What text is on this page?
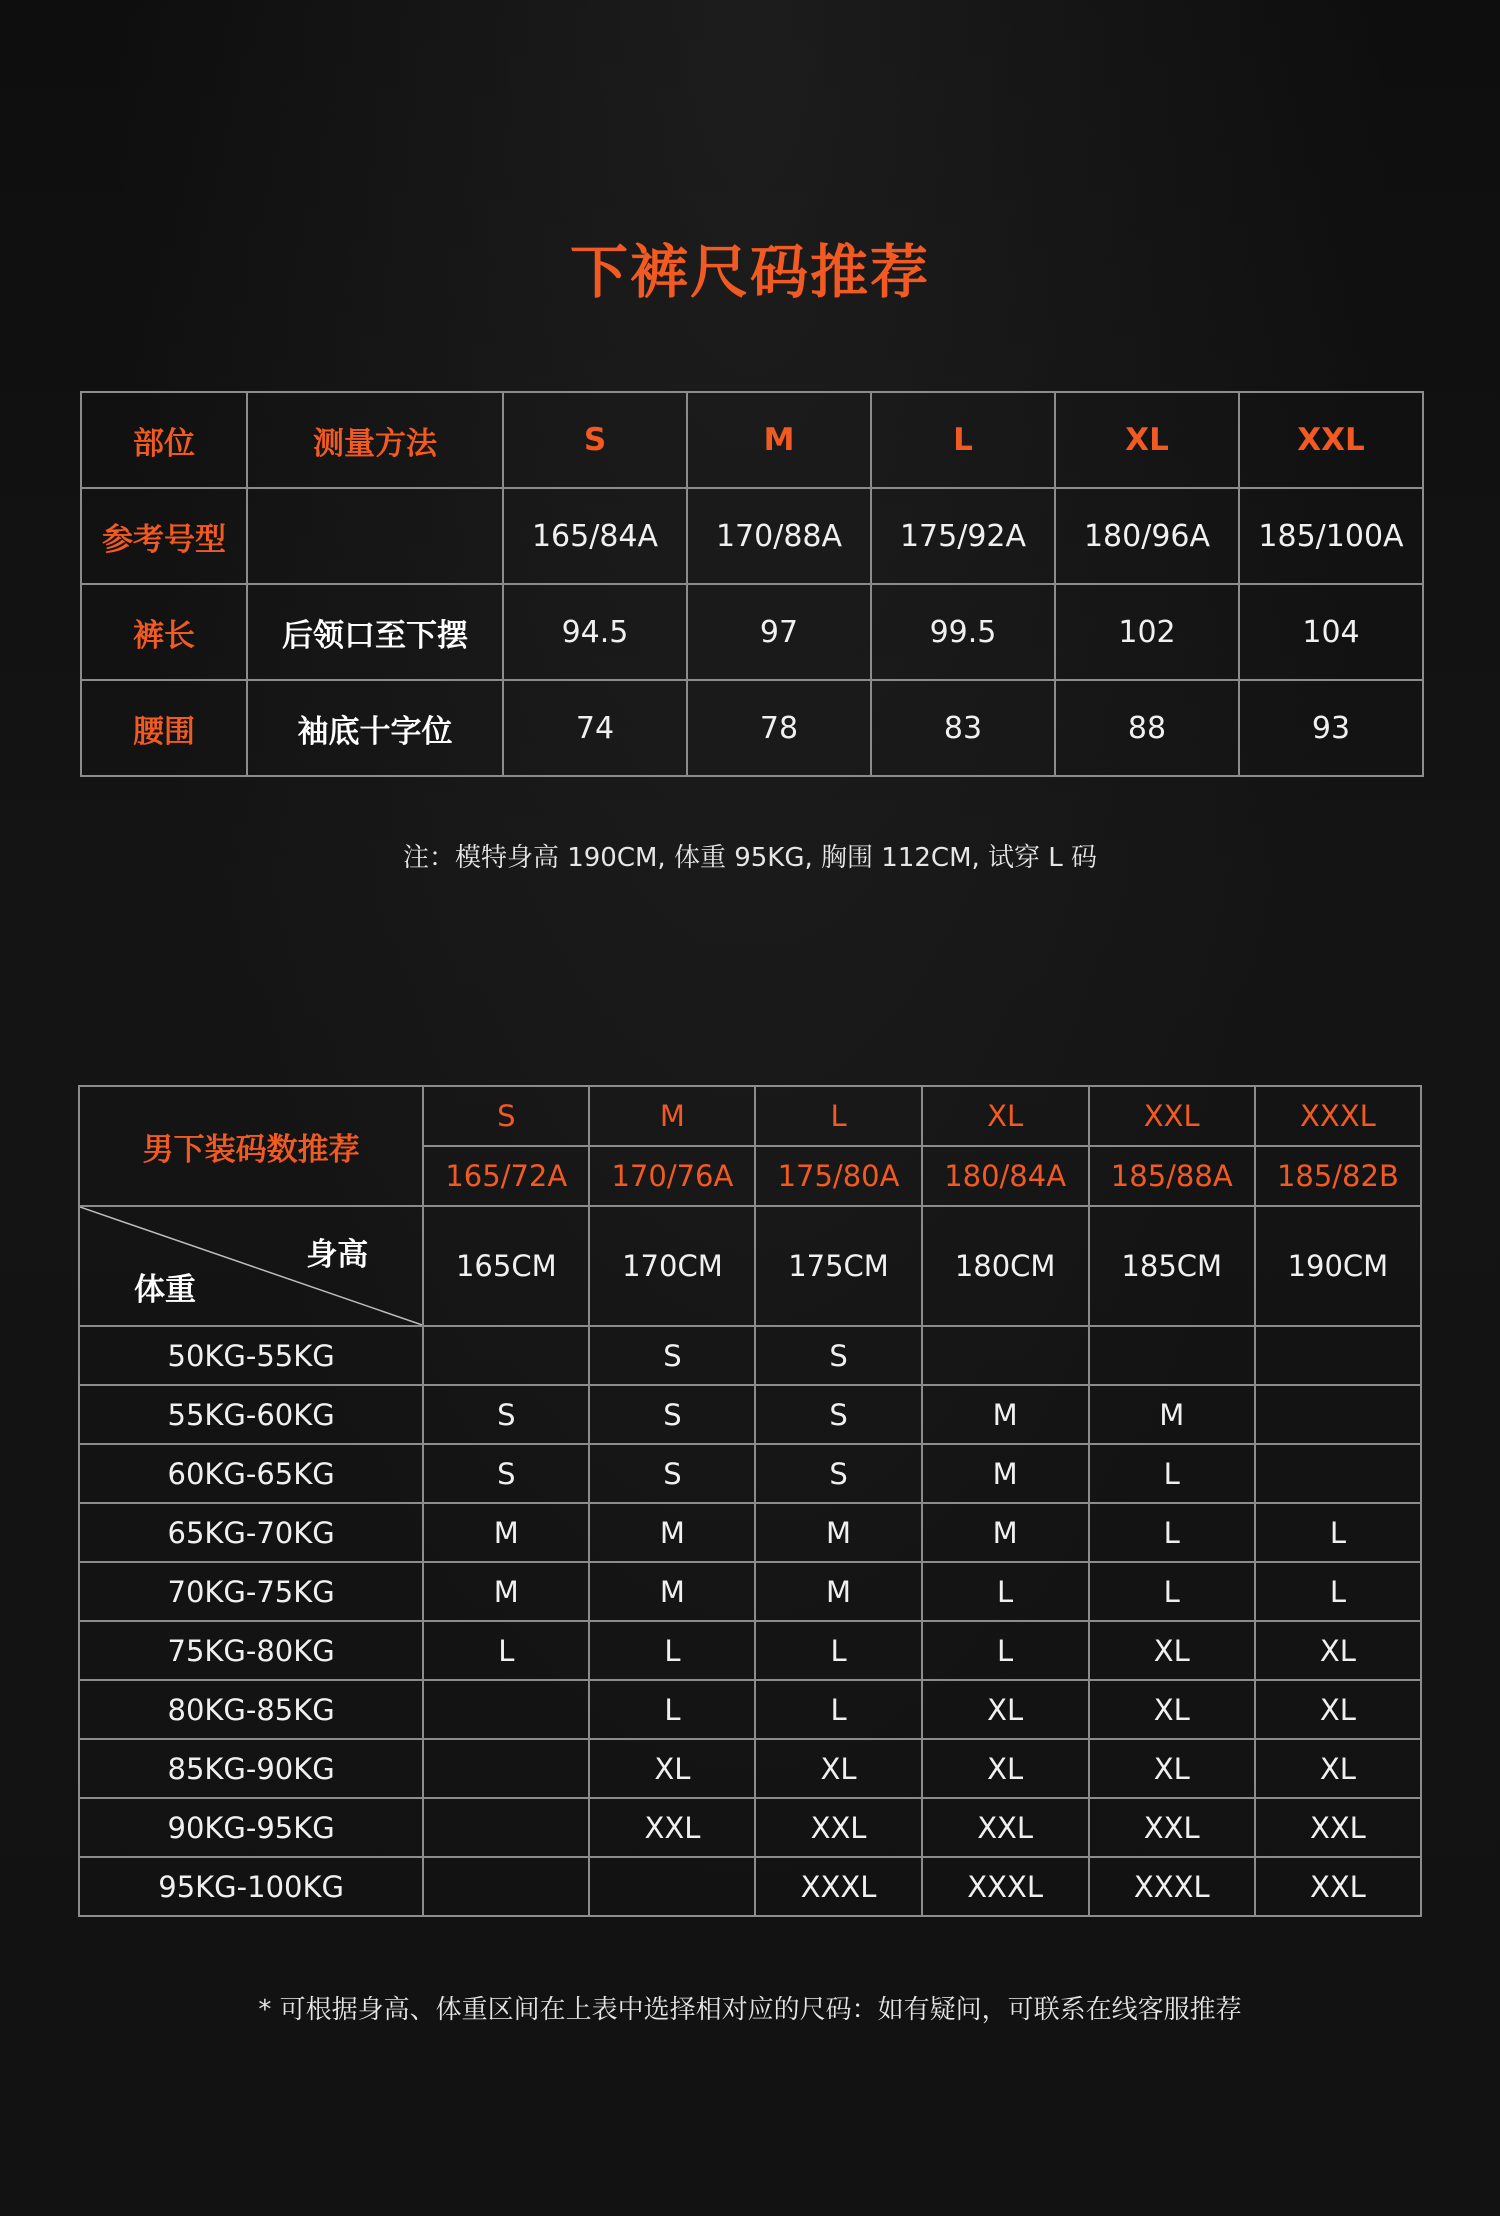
下裤尺码推荐
部位	测量方法	S	M	L	XL	XXL
参考号型		165/84A	170/88A	175/92A	180/96A	185/100A
裤长	后领口至下摆	94.5	97	99.5	102	104
腰围	袖底十字位	74	78	83	88	93
注：模特身高 190CM, 体重 95KG, 胸围 112CM, 试穿 L 码
男下装码数推荐	S	M	L	XL	XXL	XXXL
	165/72A	170/76A	175/80A	180/84A	185/88A	185/82B

身高
体重	165CM	170CM	175CM	180CM	185CM	190CM
50KG-55KG		S	S			
55KG-60KG	S	S	S	M	M	
60KG-65KG	S	S	S	M	L	
65KG-70KG	M	M	M	M	L	L
70KG-75KG	M	M	M	L	L	L
75KG-80KG	L	L	L	L	XL	XL
80KG-85KG		L	L	XL	XL	XL
85KG-90KG		XL	XL	XL	XL	XL
90KG-95KG		XXL	XXL	XXL	XXL	XXL
95KG-100KG			XXXL	XXXL	XXXL	XXL
* 可根据身高、体重区间在上表中选择相对应的尺码：如有疑问，可联系在线客服推荐
